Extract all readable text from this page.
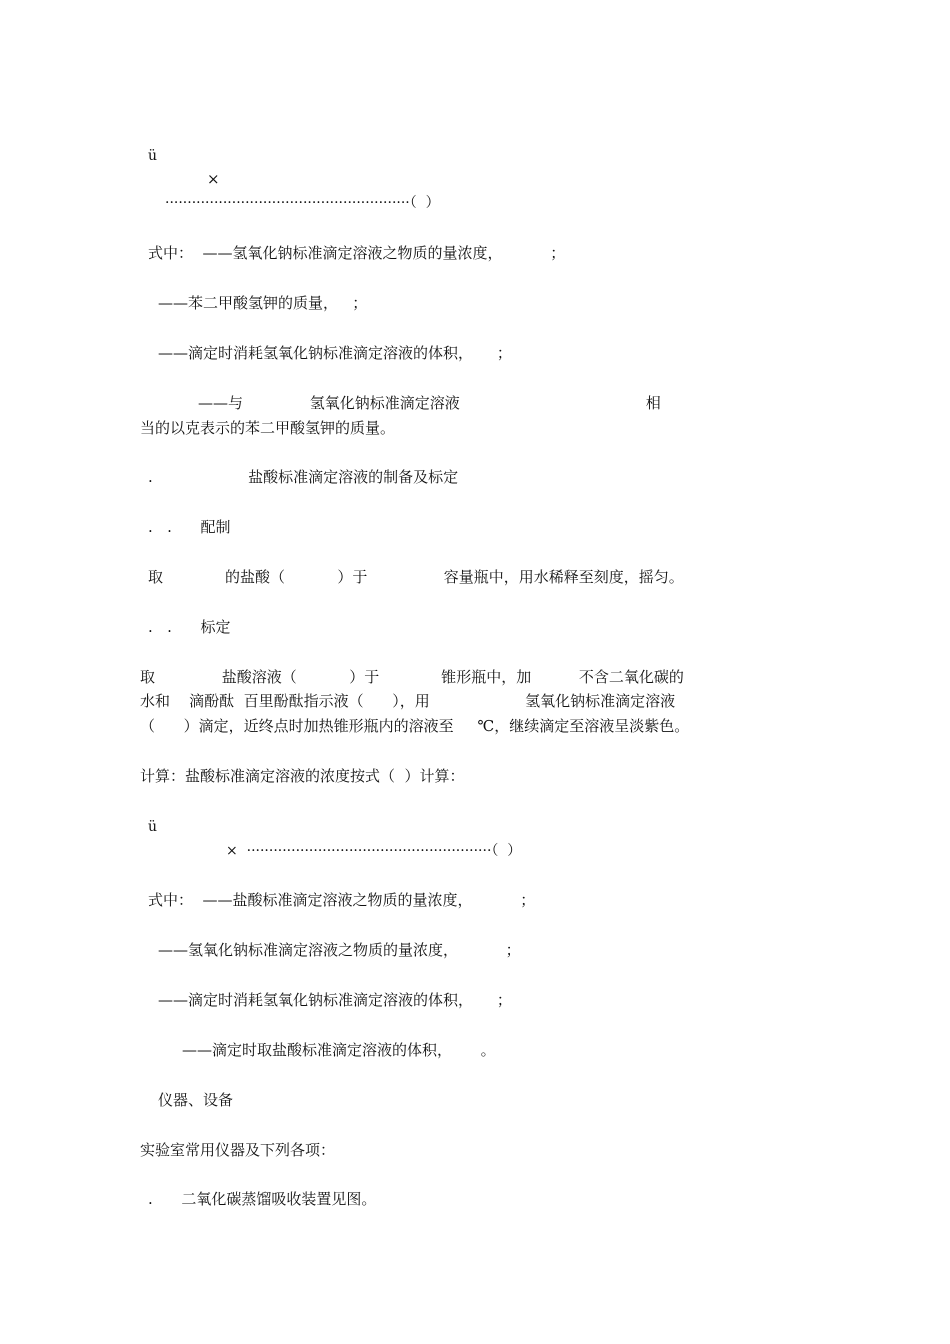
ü
×
·······················································（  ）
式中：  ——氢氧化钠标准滴定溶液之物质的量浓度，          ；
——苯二甲酸氢钾的质量，   ；
——滴定时消耗氢氧化钠标准滴定溶液的体积，     ；
——与              氢氧化钠标准滴定溶液                                       相
当的以克表示的苯二甲酸氢钾的质量。
.                    盐酸标准滴定溶液的制备及标定
.   .      配制
取             的盐酸（           ）于                容量瓶中，用水稀释至刻度，摇匀。
.   .      标定
取              盐酸溶液（           ）于             锥形瓶中，加          不含二氧化碳的
水和    滴酚酞  百里酚酞指示液（      ），用                    氢氧化钠标准滴定溶液
（      ）滴定，近终点时加热锥形瓶内的溶液至     ℃，继续滴定至溶液呈淡紫色。
计算：盐酸标准滴定溶液的浓度按式（  ）计算：
ü
×  ·······················································（  ）
式中：  ——盐酸标准滴定溶液之物质的量浓度，          ；
——氢氧化钠标准滴定溶液之物质的量浓度，          ；
——滴定时消耗氢氧化钠标准滴定溶液的体积，     ；
——滴定时取盐酸标准滴定溶液的体积，      。
仪器、设备
实验室常用仪器及下列各项：
.      二氧化碳蒸馏吸收装置见图。
